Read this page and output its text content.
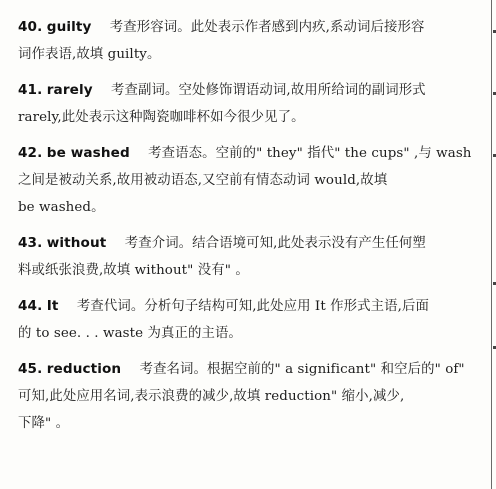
40. guilty 考查形容词。此处表示作者感到内疚,系动词后接形容
词作表语,故填 guilty。
41. rarely 考查副词。空处修饰谓语动词,故用所给词的副词形式
rarely,此处表示这种陶瓷咖啡杯如今很少见了。
42. be washed 考查语态。空前的" they" 指代" the cups" ,与 wash
之间是被动关系,故用被动语态,又空前有情态动词 would,故填
be washed。
43. without 考查介词。结合语境可知,此处表示没有产生任何塑
料或纸张浪费,故填 without" 没有" 。
44. It 考查代词。分析句子结构可知,此处应用 It 作形式主语,后面
的 to see. . . waste 为真正的主语。
45. reduction 考查名词。根据空前的" a significant" 和空后的" of"
可知,此处应用名词,表示浪费的减少,故填 reduction" 缩小,减少,
下降" 。
